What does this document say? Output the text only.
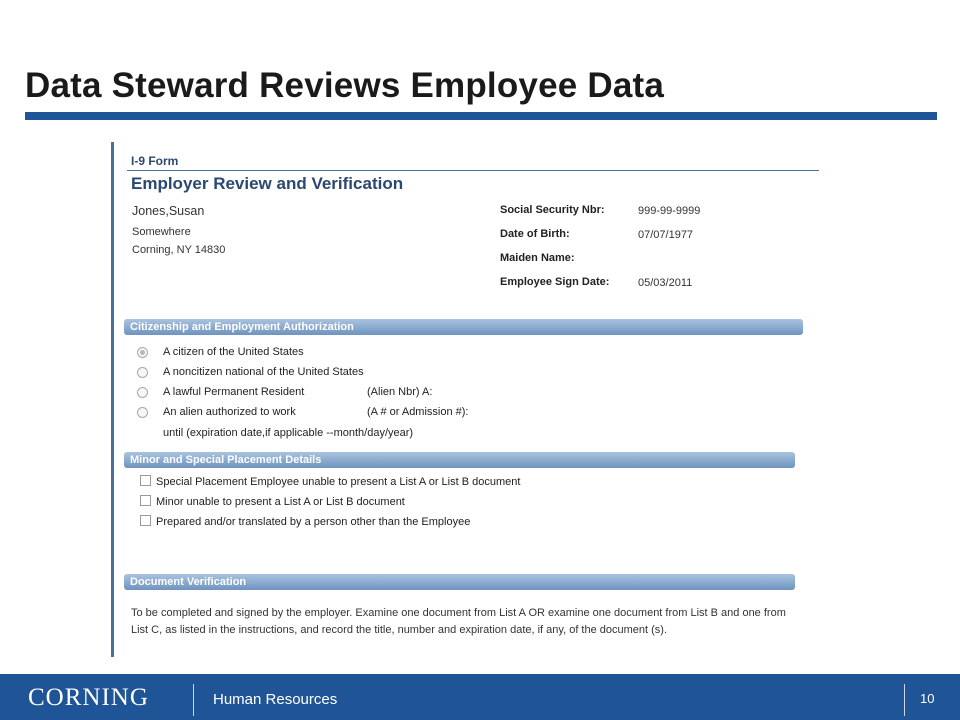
Data Steward Reviews Employee Data
I-9 Form
Employer Review and Verification
Jones,Susan
Somewhere
Corning, NY 14830
Social Security Nbr:	999-99-9999
Date of Birth:	07/07/1977
Maiden Name:
Employee Sign Date:	05/03/2011
Citizenship and Employment Authorization
A citizen of the United States
A noncitizen national of the United States
A lawful Permanent Resident	(Alien Nbr) A:
An alien authorized to work	(A # or Admission #):
until (expiration date,if applicable --month/day/year)
Minor and Special Placement Details
Special Placement Employee unable to present a List A or List B document
Minor unable to present a List A or List B document
Prepared and/or translated by a person other than the Employee
Document Verification
To be completed and signed by the employer. Examine one document from List A OR examine one document from List B and one from List C, as listed in the instructions, and record the title, number and expiration date, if any, of the document (s).
CORNING	Human Resources	10
